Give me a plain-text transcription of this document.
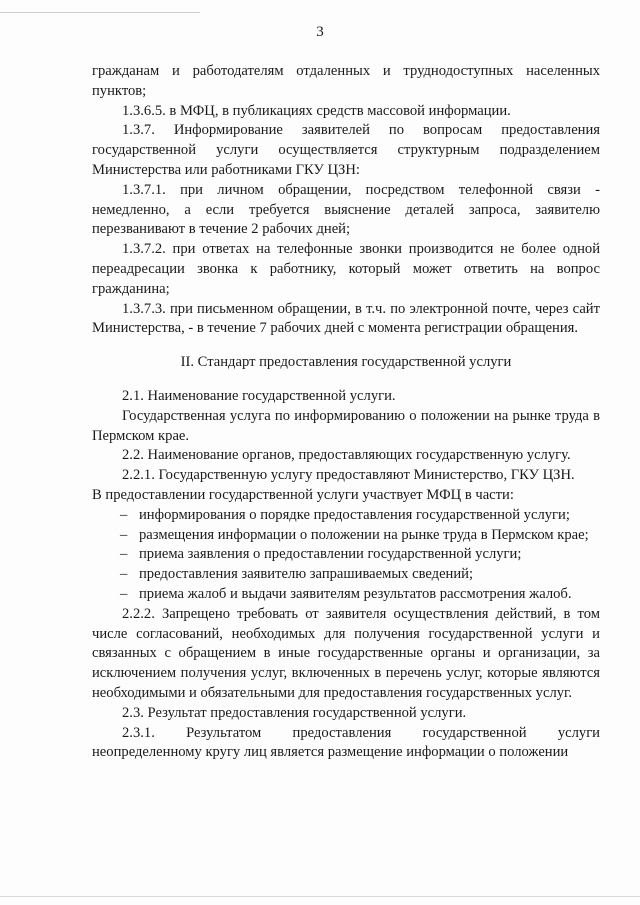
3

гражданам и работодателям отдаленных и труднодоступных населенных пунктов;

1.3.6.5. в МФЦ, в публикациях средств массовой информации.

1.3.7. Информирование заявителей по вопросам предоставления государственной услуги осуществляется структурным подразделением Министерства или работниками ГКУ ЦЗН:

1.3.7.1. при личном обращении, посредством телефонной связи - немедленно, а если требуется выяснение деталей запроса, заявителю перезванивают в течение 2 рабочих дней;

1.3.7.2. при ответах на телефонные звонки производится не более одной переадресации звонка к работнику, который может ответить на вопрос гражданина;

1.3.7.3. при письменном обращении, в т.ч. по электронной почте, через сайт Министерства, - в течение 7 рабочих дней с момента регистрации обращения.

II. Стандарт предоставления государственной услуги

2.1. Наименование государственной услуги.

Государственная услуга по информированию о положении на рынке труда в Пермском крае.

2.2. Наименование органов, предоставляющих государственную услугу.

2.2.1. Государственную услугу предоставляют Министерство, ГКУ ЦЗН.

В предоставлении государственной услуги участвует МФЦ в части:

– информирования о порядке предоставления государственной услуги;
– размещения информации о положении на рынке труда в Пермском крае;
– приема заявления о предоставлении государственной услуги;
– предоставления заявителю запрашиваемых сведений;
– приема жалоб и выдачи заявителям результатов рассмотрения жалоб.

2.2.2. Запрещено требовать от заявителя осуществления действий, в том числе согласований, необходимых для получения государственной услуги и связанных с обращением в иные государственные органы и организации, за исключением получения услуг, включенных в перечень услуг, которые являются необходимыми и обязательными для предоставления государственных услуг.

2.3. Результат предоставления государственной услуги.

2.3.1. Результатом предоставления государственной услуги неопределенному кругу лиц является размещение информации о положении
